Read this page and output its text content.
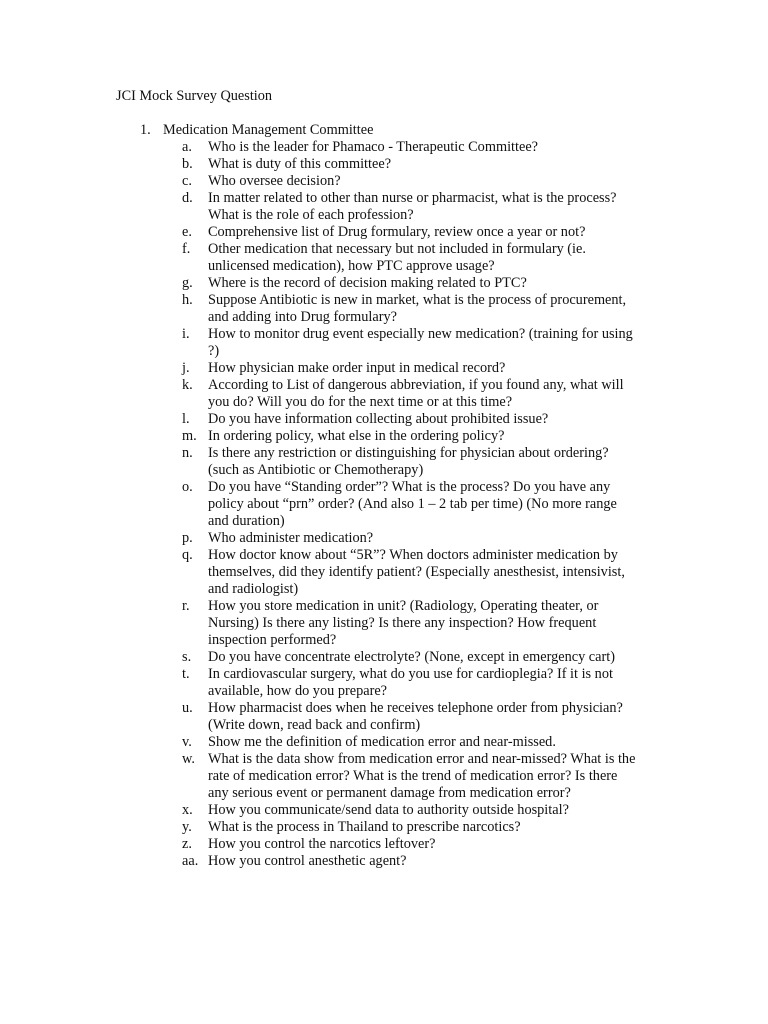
JCI Mock Survey Question
1. Medication Management Committee
a.	Who is the leader for Phamaco - Therapeutic Committee?
b.	What is duty of this committee?
c.	Who oversee decision?
d.	In matter related to other than nurse or pharmacist, what is the process? What is the role of each profession?
e.	Comprehensive list of Drug formulary, review once a year or not?
f.	Other medication that necessary but not included in formulary (ie. unlicensed medication), how PTC approve usage?
g.	Where is the record of decision making related to PTC?
h.	Suppose Antibiotic is new in market, what is the process of procurement, and adding into Drug formulary?
i.	How to monitor drug event especially new medication? (training for using ?)
j.	How physician make order input in medical record?
k.	According to List of dangerous abbreviation, if you found any, what will you do? Will you do for the next time or at this time?
l.	Do you have information collecting about prohibited issue?
m. In ordering policy, what else in the ordering policy?
n.	Is there any restriction or distinguishing for physician about ordering? (such as Antibiotic or Chemotherapy)
o.	Do you have “Standing order”? What is the process? Do you have any policy about “prn” order? (And also 1 – 2 tab per time) (No more range and duration)
p.	Who administer medication?
q.	How doctor know about “5R”? When doctors administer medication by themselves, did they identify patient? (Especially anesthesist, intensivist, and radiologist)
r.	How you store medication in unit? (Radiology, Operating theater, or Nursing) Is there any listing? Is there any inspection? How frequent inspection performed?
s.	Do you have concentrate electrolyte? (None, except in emergency cart)
t.	In cardiovascular surgery, what do you use for cardioplegia? If it is not available, how do you prepare?
u.	How pharmacist does when he receives telephone order from physician? (Write down, read back and confirm)
v.	Show me the definition of medication error and near-missed.
w. What is the data show from medication error and near-missed? What is the rate of medication error? What is the trend of medication error? Is there any serious event or permanent damage from medication error?
x.	How you communicate/send data to authority outside hospital?
y.	What is the process in Thailand to prescribe narcotics?
z.	How you control the narcotics leftover?
aa. How you control anesthetic agent?
